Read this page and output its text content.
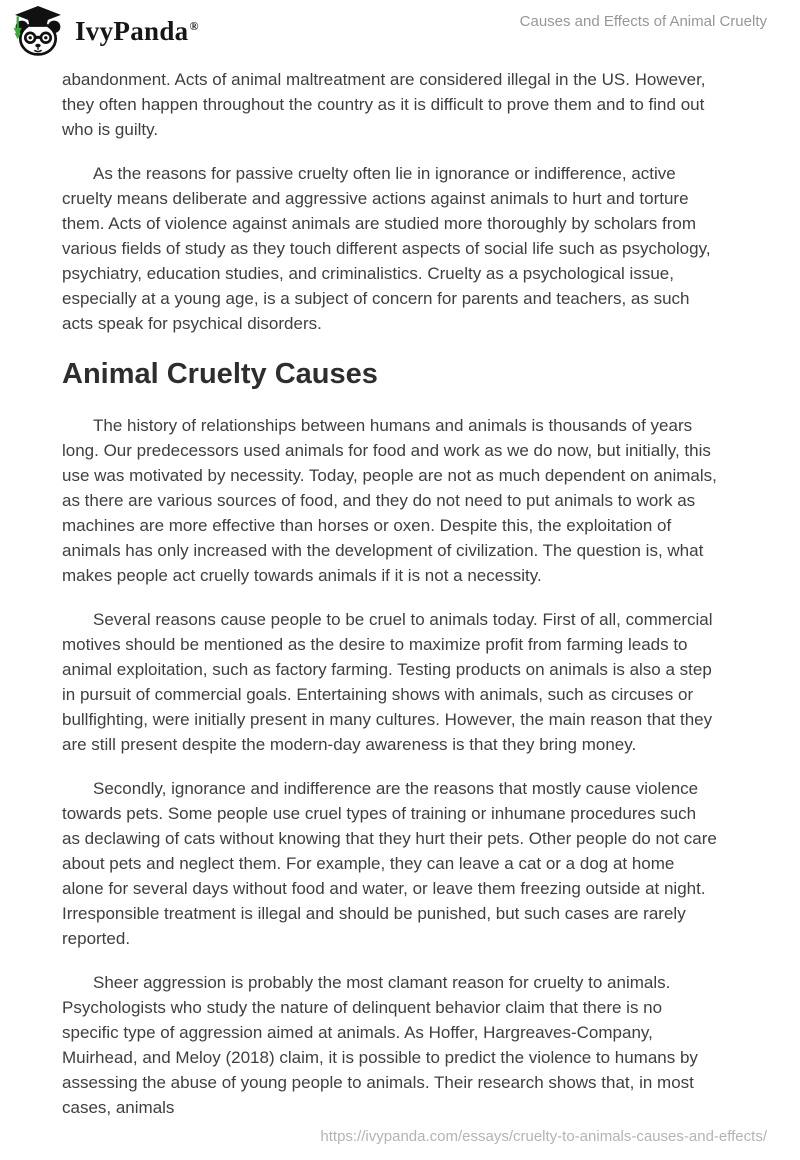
IvyPanda®	Causes and Effects of Animal Cruelty

abandonment. Acts of animal maltreatment are considered illegal in the US. However, they often happen throughout the country as it is difficult to prove them and to find out who is guilty.

As the reasons for passive cruelty often lie in ignorance or indifference, active cruelty means deliberate and aggressive actions against animals to hurt and torture them. Acts of violence against animals are studied more thoroughly by scholars from various fields of study as they touch different aspects of social life such as psychology, psychiatry, education studies, and criminalistics. Cruelty as a psychological issue, especially at a young age, is a subject of concern for parents and teachers, as such acts speak for psychical disorders.

Animal Cruelty Causes

The history of relationships between humans and animals is thousands of years long. Our predecessors used animals for food and work as we do now, but initially, this use was motivated by necessity. Today, people are not as much dependent on animals, as there are various sources of food, and they do not need to put animals to work as machines are more effective than horses or oxen. Despite this, the exploitation of animals has only increased with the development of civilization. The question is, what makes people act cruelly towards animals if it is not a necessity.

Several reasons cause people to be cruel to animals today. First of all, commercial motives should be mentioned as the desire to maximize profit from farming leads to animal exploitation, such as factory farming. Testing products on animals is also a step in pursuit of commercial goals. Entertaining shows with animals, such as circuses or bullfighting, were initially present in many cultures. However, the main reason that they are still present despite the modern-day awareness is that they bring money.

Secondly, ignorance and indifference are the reasons that mostly cause violence towards pets. Some people use cruel types of training or inhumane procedures such as declawing of cats without knowing that they hurt their pets. Other people do not care about pets and neglect them. For example, they can leave a cat or a dog at home alone for several days without food and water, or leave them freezing outside at night. Irresponsible treatment is illegal and should be punished, but such cases are rarely reported.

Sheer aggression is probably the most clamant reason for cruelty to animals. Psychologists who study the nature of delinquent behavior claim that there is no specific type of aggression aimed at animals. As Hoffer, Hargreaves-Company, Muirhead, and Meloy (2018) claim, it is possible to predict the violence to humans by assessing the abuse of young people to animals. Their research shows that, in most cases, animals

https://ivypanda.com/essays/cruelty-to-animals-causes-and-effects/
